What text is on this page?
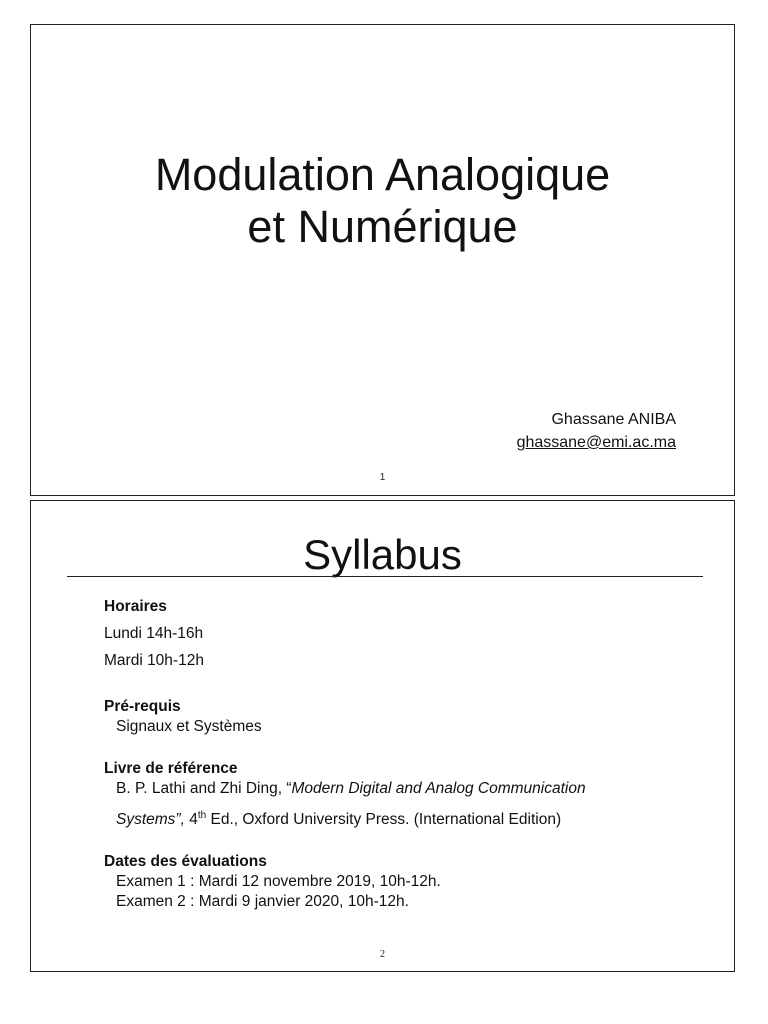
Modulation Analogique
et Numérique
Ghassane ANIBA
ghassane@emi.ac.ma
1
Syllabus
Horaires
Lundi 14h-16h
Mardi 10h-12h
Pré-requis
Signaux et Systèmes
Livre de référence
B. P. Lathi and Zhi Ding, “Modern Digital and Analog Communication
Systems”, 4th Ed., Oxford University Press. (International Edition)
Dates des évaluations
Examen 1 : Mardi 12 novembre 2019, 10h-12h.
Examen 2 : Mardi 9 janvier 2020, 10h-12h.
2
